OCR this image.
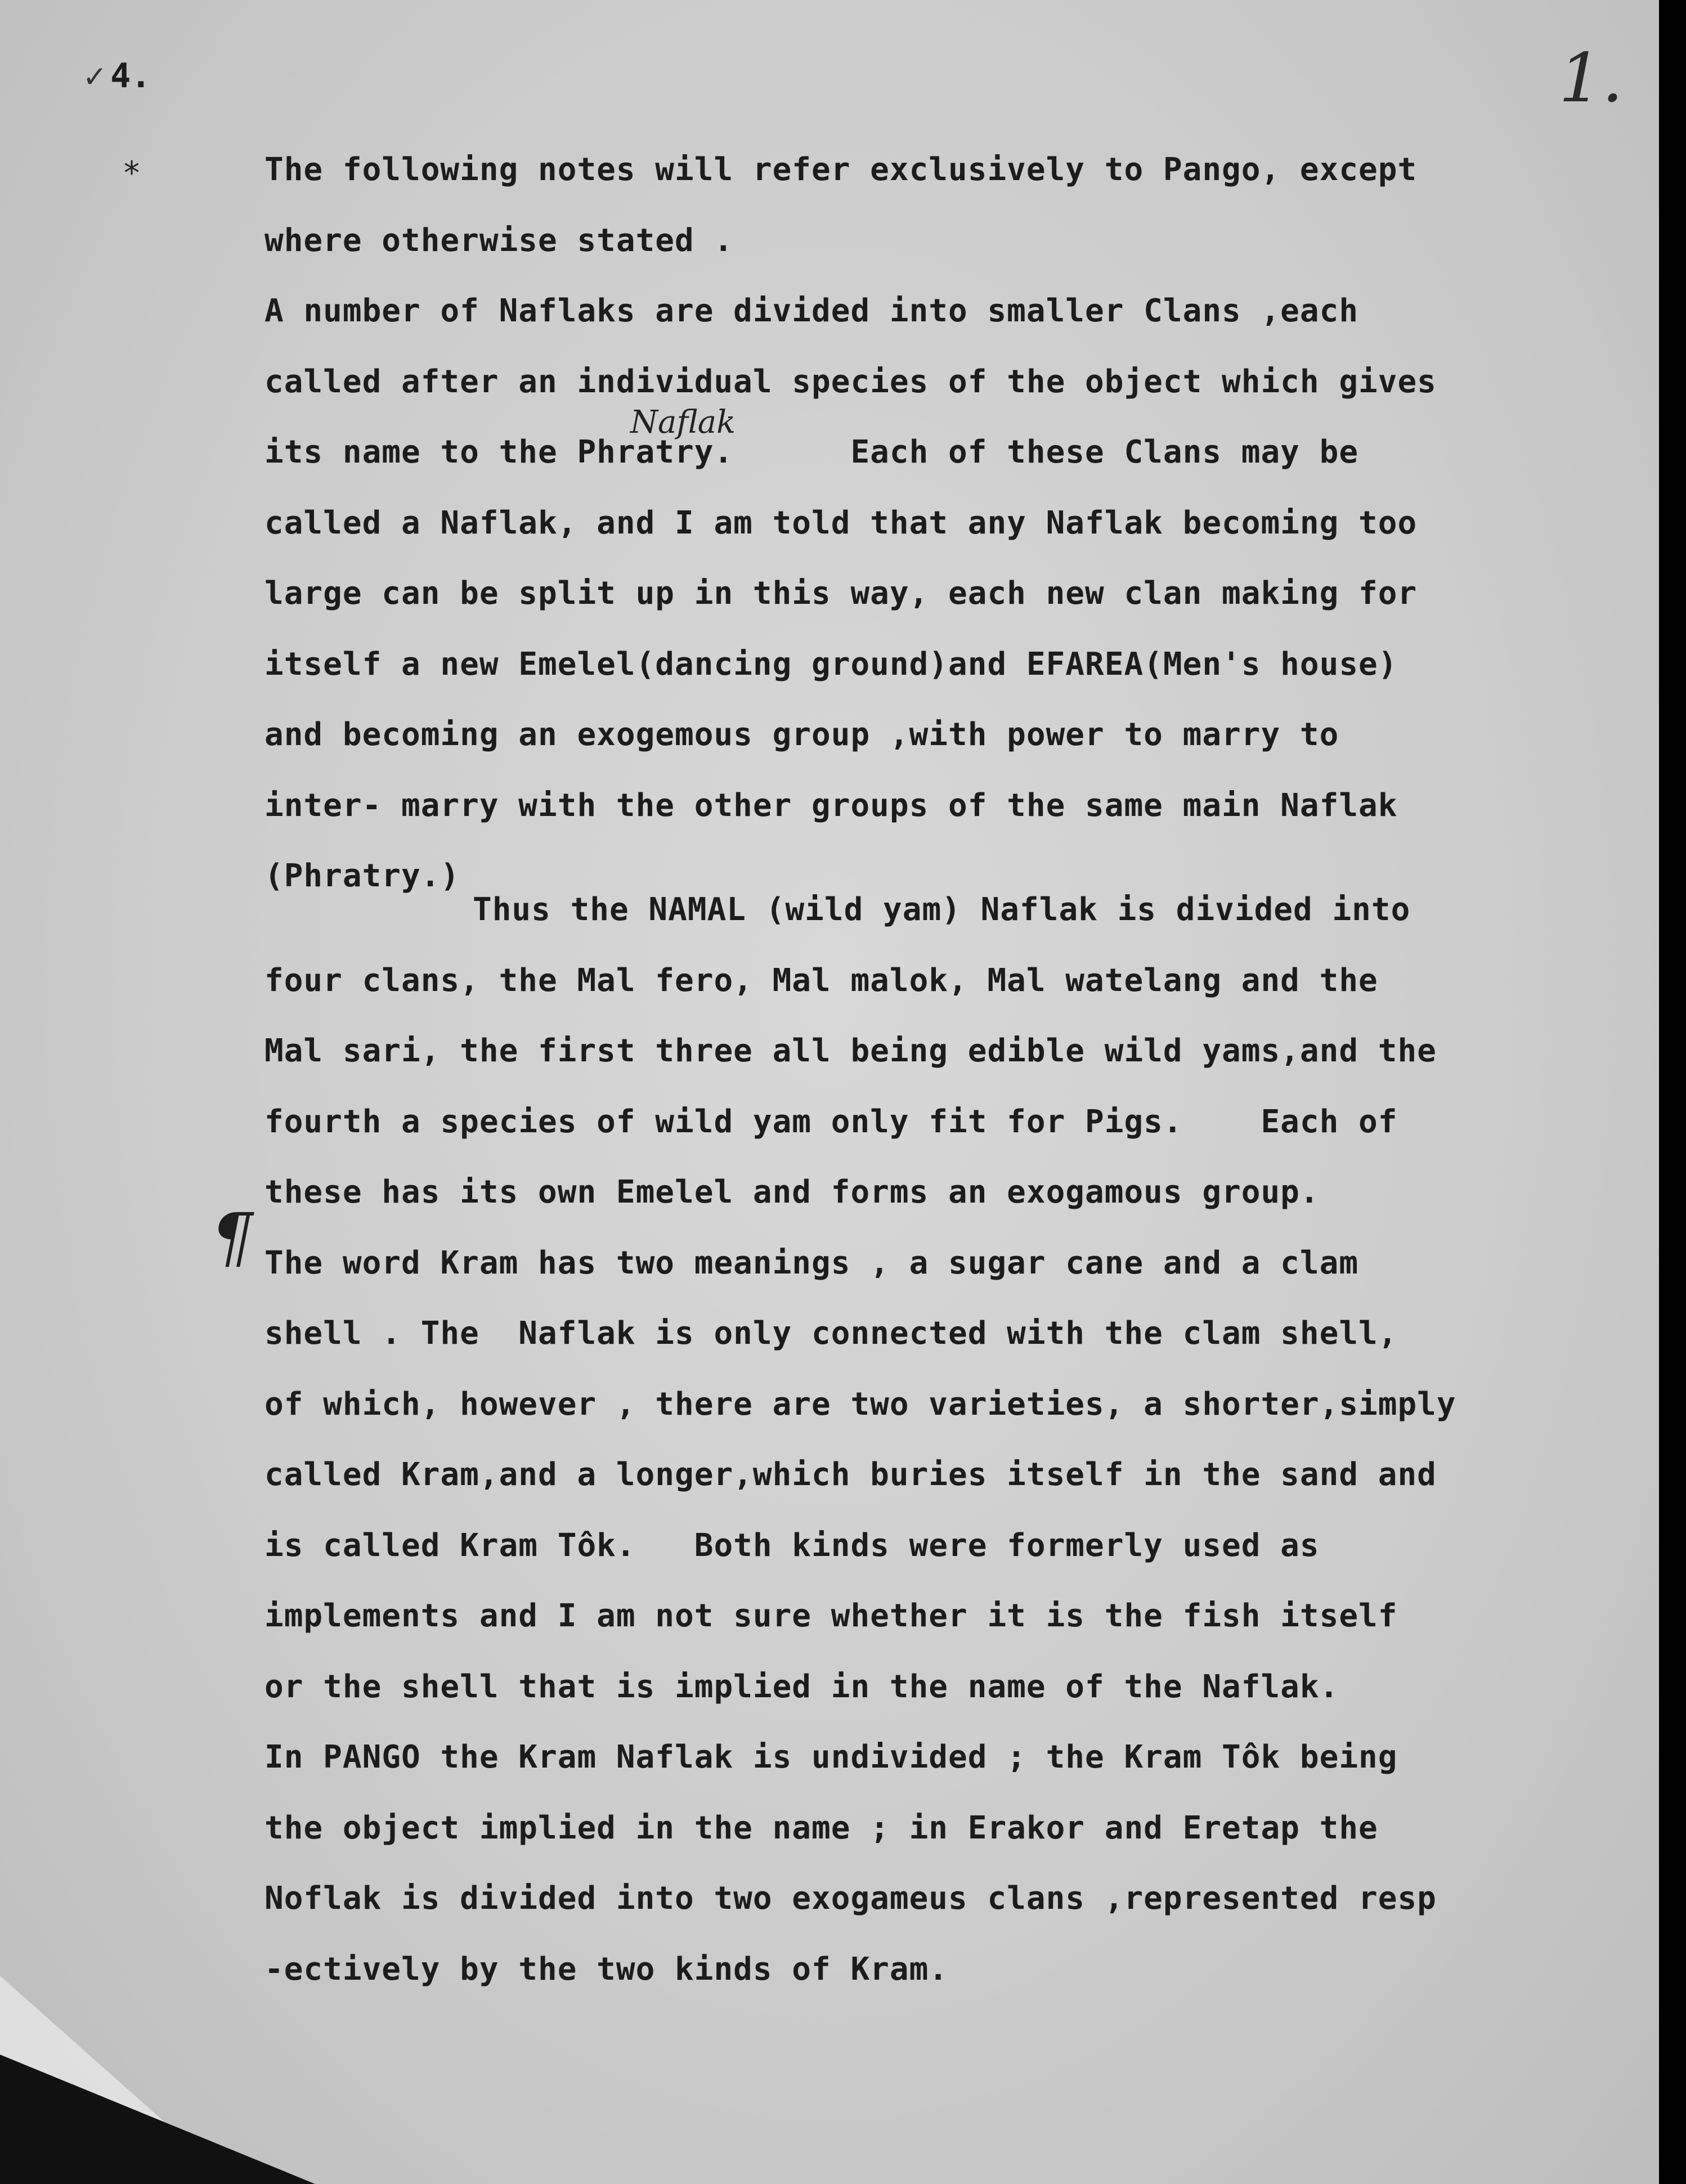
✓ 4.	1.
⁎
¶
Naflak
The following notes will refer exclusively to Pango, except
where otherwise stated .
A number of Naflaks are divided into smaller Clans ,each
called after an individual species of the object which gives
its name to the Phratry.      Each of these Clans may be
called a Naflak, and I am told that any Naflak becoming too
large can be split up in this way, each new clan making for
itself a new Emelel(dancing ground)and EFAREA(Men's house)
and becoming an exogemous group ,with power to marry to
inter- marry with the other groups of the same main Naflak
(Phratry.)
Thus the NAMAL (wild yam) Naflak is divided into
four clans, the Mal fero, Mal malok, Mal watelang and the
Mal sari, the first three all being edible wild yams,and the
fourth a species of wild yam only fit for Pigs.    Each of
these has its own Emelel and forms an exogamous group.
The word Kram has two meanings , a sugar cane and a clam
shell . The  Naflak is only connected with the clam shell,
of which, however , there are two varieties, a shorter,simply
called Kram,and a longer,which buries itself in the sand and
is called Kram Tôk.   Both kinds were formerly used as
implements and I am not sure whether it is the fish itself
or the shell that is implied in the name of the Naflak.
In PANGO the Kram Naflak is undivided ; the Kram Tôk being
the object implied in the name ; in Erakor and Eretap the
Noflak is divided into two exogameus clans ,represented resp
-ectively by the two kinds of Kram.
